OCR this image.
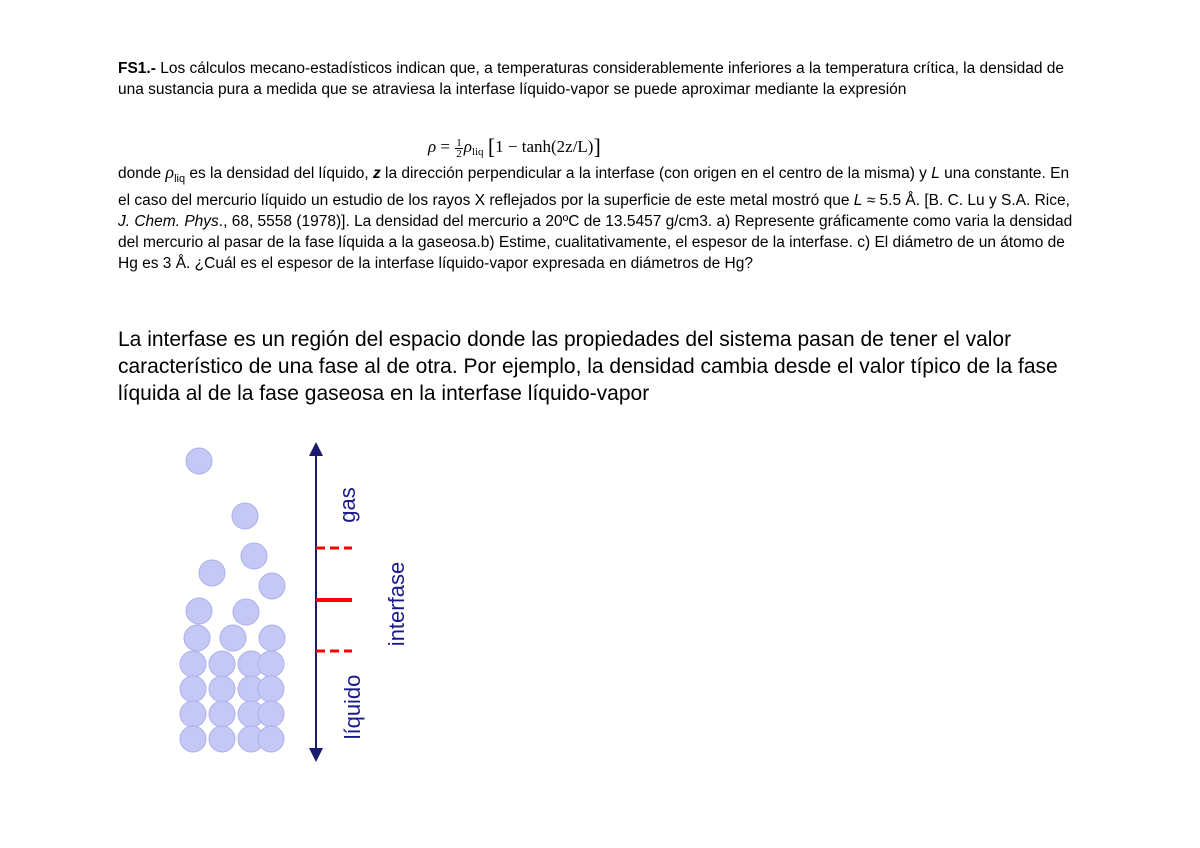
FS1.- Los cálculos mecano-estadísticos indican que, a temperaturas considerablemente inferiores a la temperatura crítica, la densidad de una sustancia pura a medida que se atraviesa la interfase líquido-vapor se puede aproximar mediante la expresión

$\rho = \frac{1}{2} \rho_{liq}$ [1 − tanh(2z/L)]

donde $\rho_{liq}$ es la densidad del líquido, z la dirección perpendicular a la interfase (con origen en el centro de la misma) y L una constante. En el caso del mercurio líquido un estudio de los rayos X reflejados por la superficie de este metal mostró que L ≈ 5.5 Å. [B. C. Lu y S.A. Rice, J. Chem. Phys., 68, 5558 (1978)]. La densidad del mercurio a 20ºC de 13.5457 g/cm3. a) Represente gráficamente como varia la densidad del mercurio al pasar de la fase líquida a la gaseosa.b) Estime, cualitativamente, el espesor de la interfase. c) El diámetro de un átomo de Hg es 3 Å. ¿Cuál es el espesor de la interfase líquido-vapor expresada en diámetros de Hg?

La interfase es un región del espacio donde las propiedades del sistema pasan de tener el valor característico de una fase al de otra. Por ejemplo, la densidad cambia desde el valor típico de la fase líquida al de la fase gaseosa en la interfase líquido-vapor

gas
interfase
líquido
